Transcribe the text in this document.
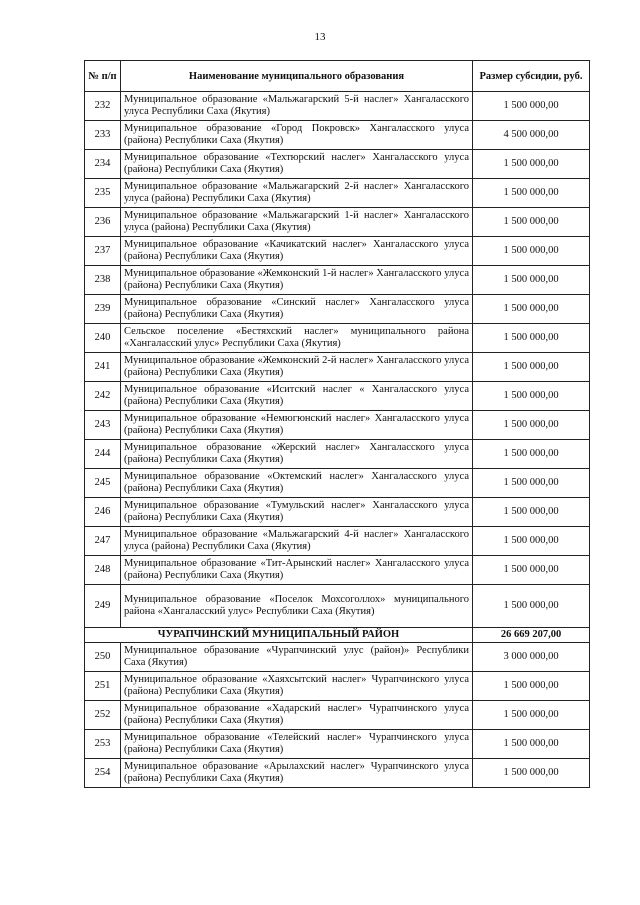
13
№ п/п	Наименование муниципального образования	Размер субсидии, руб.
232	Муниципальное образование «Мальжагарский 5-й наслег» Хангаласского улуса Республики Саха (Якутия)	1 500 000,00
233	Муниципальное образование «Город Покровск» Хангаласского улуса (района) Республики Саха (Якутия)	4 500 000,00
234	Муниципальное образование «Техтюрский наслег» Хангаласского улуса (района) Республики Саха (Якутия)	1 500 000,00
235	Муниципальное образование «Мальжагарский 2-й наслег» Хангаласского улуса (района) Республики Саха (Якутия)	1 500 000,00
236	Муниципальное образование «Мальжагарский 1-й наслег» Хангаласского улуса (района) Республики Саха (Якутия)	1 500 000,00
237	Муниципальное образование «Качикатский наслег» Хангаласского улуса (района) Республики Саха (Якутия)	1 500 000,00
238	Муниципальное образование «Жемконский 1-й наслег» Хангаласского улуса (района) Республики Саха (Якутия)	1 500 000,00
239	Муниципальное образование «Синский наслег» Хангаласского улуса (района) Республики Саха (Якутия)	1 500 000,00
240	Сельское поселение «Бестяхский наслег» муниципального района «Хангаласский улус» Республики Саха (Якутия)	1 500 000,00
241	Муниципальное образование «Жемконский 2-й наслег» Хангаласского улуса (района) Республики Саха (Якутия)	1 500 000,00
242	Муниципальное образование «Иситский наслег « Хангаласского улуса (района) Республики Саха (Якутия)	1 500 000,00
243	Муниципальное образование «Немюгюнский наслег» Хангаласского улуса (района) Республики Саха (Якутия)	1 500 000,00
244	Муниципальное образование «Жерский наслег» Хангаласского улуса (района) Республики Саха (Якутия)	1 500 000,00
245	Муниципальное образование «Октемский наслег» Хангаласского улуса (района) Республики Саха (Якутия)	1 500 000,00
246	Муниципальное образование «Тумульский наслег» Хангаласского улуса (района) Республики Саха (Якутия)	1 500 000,00
247	Муниципальное образование «Мальжагарский 4-й наслег» Хангаласского улуса (района) Республики Саха (Якутия)	1 500 000,00
248	Муниципальное образование «Тит-Арынский наслег» Хангаласского улуса (района) Республики Саха (Якутия)	1 500 000,00
249	Муниципальное образование «Поселок Мохсоголлох» муниципального района «Хангаласский улус» Республики Саха (Якутия)	1 500 000,00
ЧУРАПЧИНСКИЙ МУНИЦИПАЛЬНЫЙ РАЙОН		26 669 207,00
250	Муниципальное образование «Чурапчинский улус (район)» Республики Саха (Якутия)	3 000 000,00
251	Муниципальное образование «Хаяхсытский наслег» Чурапчинского улуса (района) Республики Саха (Якутия)	1 500 000,00
252	Муниципальное образование «Хадарский наслег» Чурапчинского улуса (района) Республики Саха (Якутия)	1 500 000,00
253	Муниципальное образование «Телейский наслег» Чурапчинского улуса (района) Республики Саха (Якутия)	1 500 000,00
254	Муниципальное образование «Арылахский наслег» Чурапчинского улуса (района) Республики Саха (Якутия)	1 500 000,00
